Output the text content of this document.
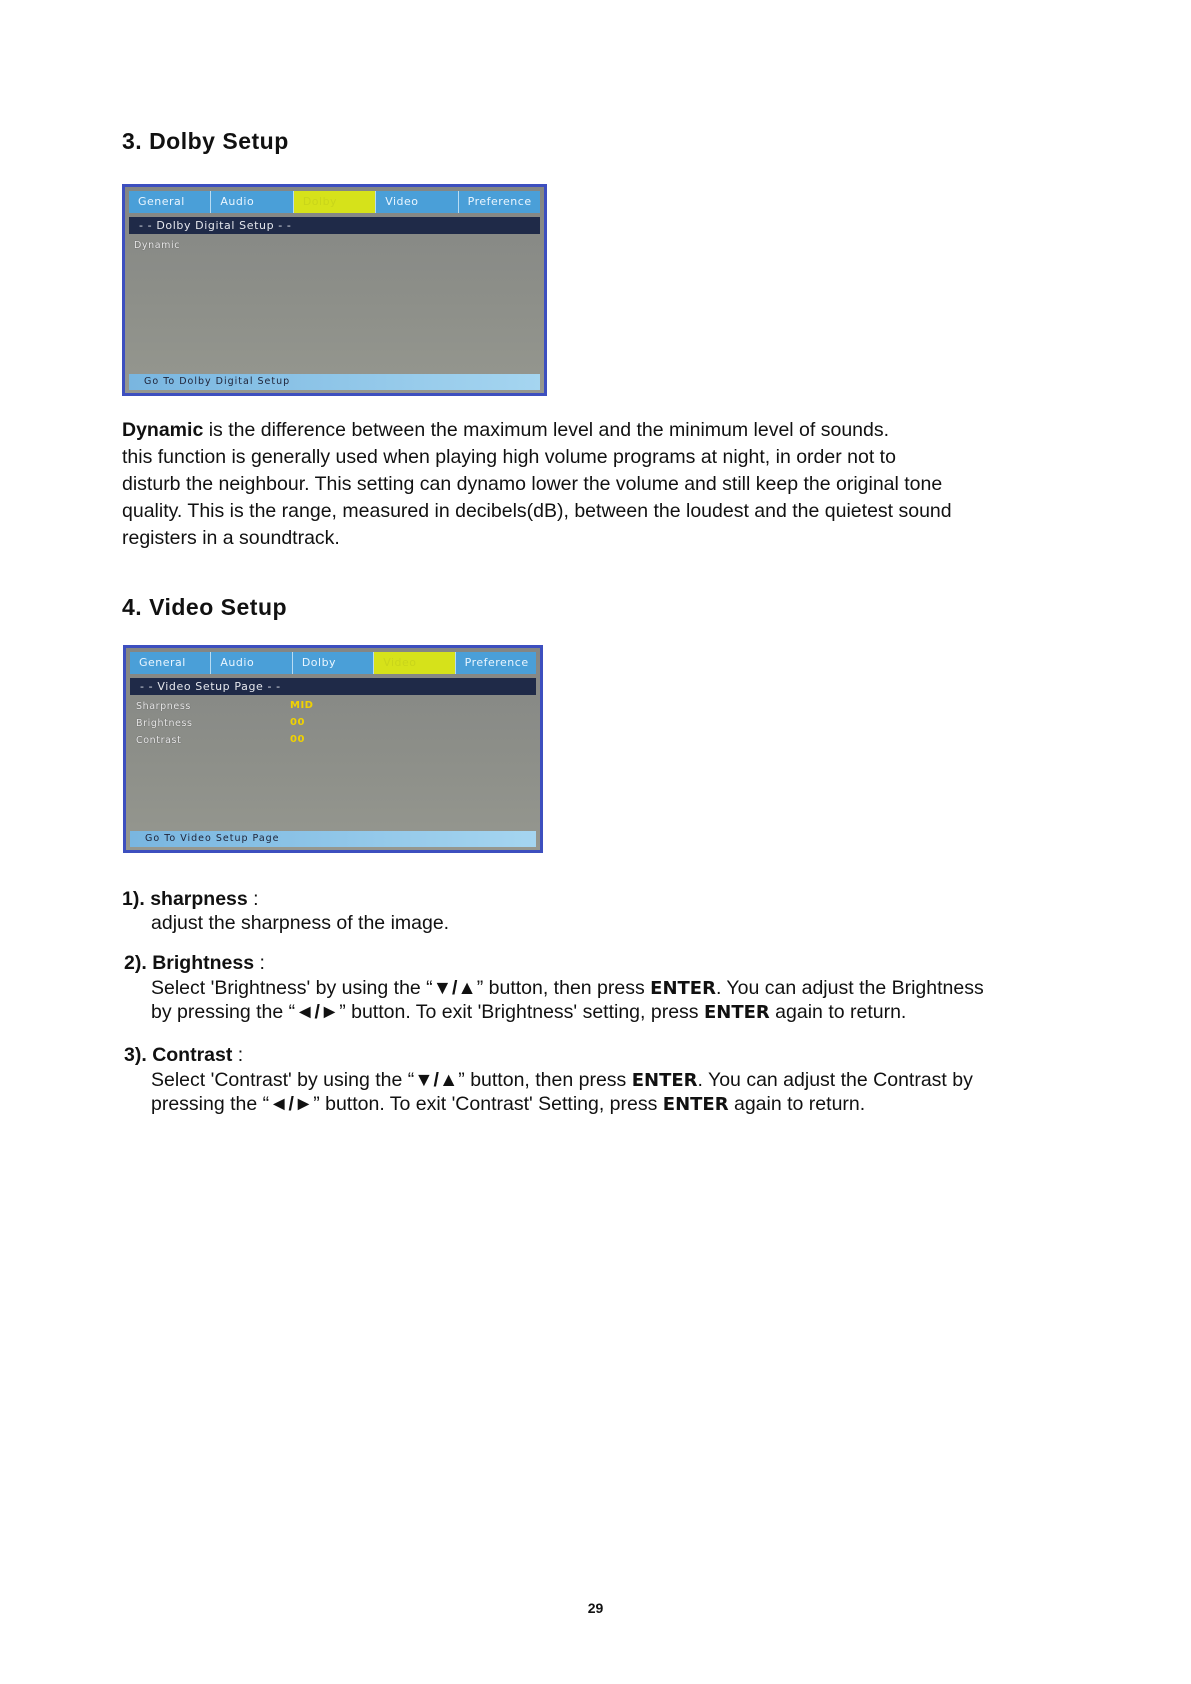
3. Dolby Setup
General	Audio	Dolby	Video	Preference
- - Dolby Digital Setup - -
Dynamic
Go To Dolby Digital Setup
Dynamic is the difference between the maximum level and the minimum level of sounds.
this function is generally used when playing high volume programs at night, in order not to
disturb the neighbour. This setting can dynamo lower the volume and still keep the original tone
quality. This is the range, measured in decibels(dB), between the loudest and the quietest sound
registers in a soundtrack.
4. Video Setup
General	Audio	Dolby	Video	Preference
- - Video Setup Page - -
Sharpness	MID
Brightness	00
Contrast	00
Go To Video Setup Page
1). sharpness :
adjust the sharpness of the image.
2). Brightness :
Select 'Brightness' by using the “▼/▲” button, then press ENTER. You can adjust the Brightness
by pressing the “◄/►” button. To exit 'Brightness' setting, press ENTER again to return.
3). Contrast :
Select 'Contrast' by using the “▼/▲” button, then press ENTER. You can adjust the Contrast by
pressing the “◄/►” button. To exit 'Contrast' Setting, press ENTER again to return.
29
